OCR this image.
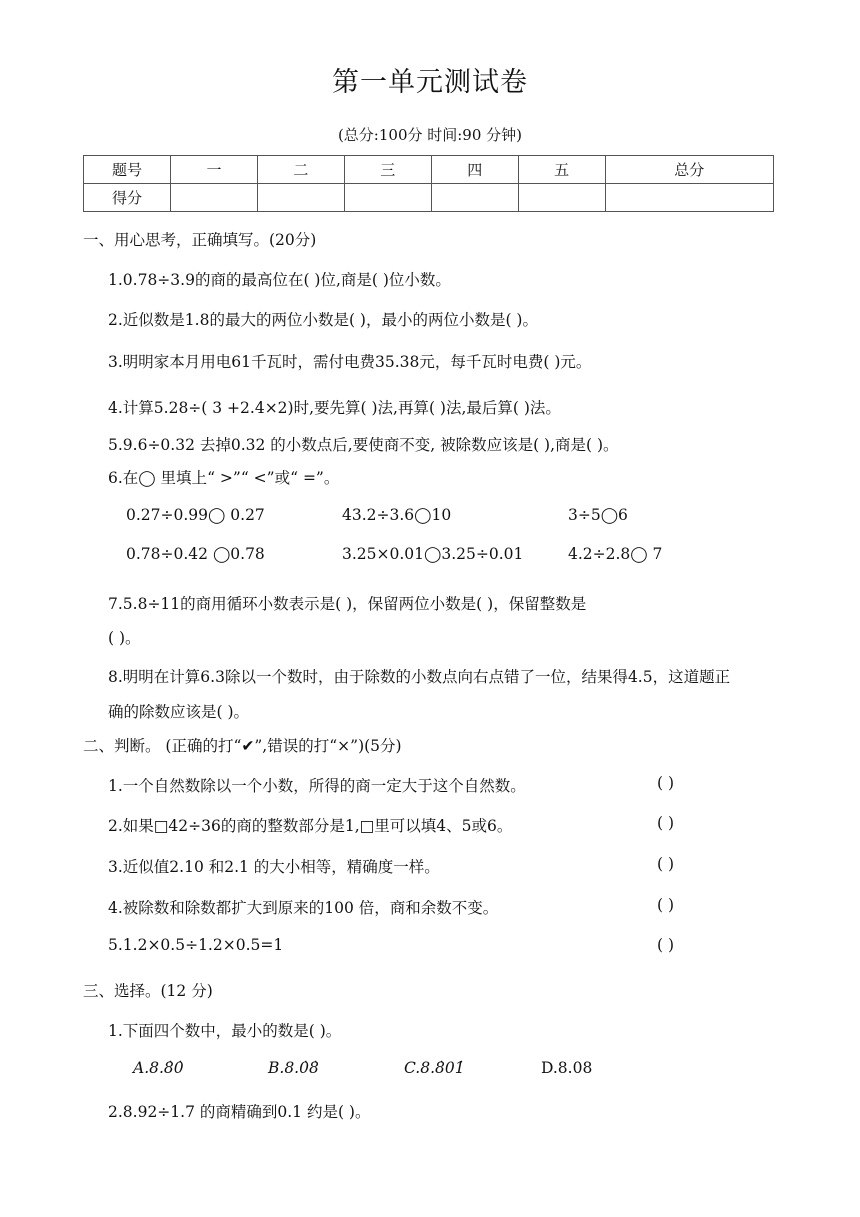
第一单元测试卷
(总分:100分 时间:90 分钟)
题号	一	二	三	四	五	总分
得分						
一、用心思考，正确填写。(20分)
1.0.78÷3.9的商的最高位在( )位,商是( )位小数。
2.近似数是1.8的最大的两位小数是( )，最小的两位小数是( )。
3.明明家本月用电61千瓦时，需付电费35.38元，每千瓦时电费( )元。
4.计算5.28÷( 3 +2.4×2)时,要先算( )法,再算( )法,最后算( )法。
5.9.6÷0.32 去掉0.32 的小数点后,要使商不变, 被除数应该是( ),商是( )。
6.在◯ 里填上“ >”“ <”或“ =”。
0.27÷0.99◯ 0.27	43.2÷3.6◯10	3÷5◯6
0.78÷0.42 ◯0.78	3.25×0.01◯3.25÷0.01	4.2÷2.8◯ 7
7.5.8÷11的商用循环小数表示是( )，保留两位小数是( )，保留整数是
( )。
8.明明在计算6.3除以一个数时，由于除数的小数点向右点错了一位，结果得4.5，这道题正
确的除数应该是( )。
二、判断。 (正确的打“✔”,错误的打“×”)(5分)
1.一个自然数除以一个小数，所得的商一定大于这个自然数。	( )
2.如果□42÷36的商的整数部分是1,□里可以填4、5或6。	( )
3.近似值2.10 和2.1 的大小相等，精确度一样。	( )
4.被除数和除数都扩大到原来的100 倍，商和余数不变。	( )
5.1.2×0.5÷1.2×0.5=1	( )
三、选择。(12 分)
1.下面四个数中，最小的数是( )。
A.8.8̇0̇	B.8.0̇8̇	C.8.8̇01̇	D.8.08
2.8.92÷1.7 的商精确到0.1 约是( )。
